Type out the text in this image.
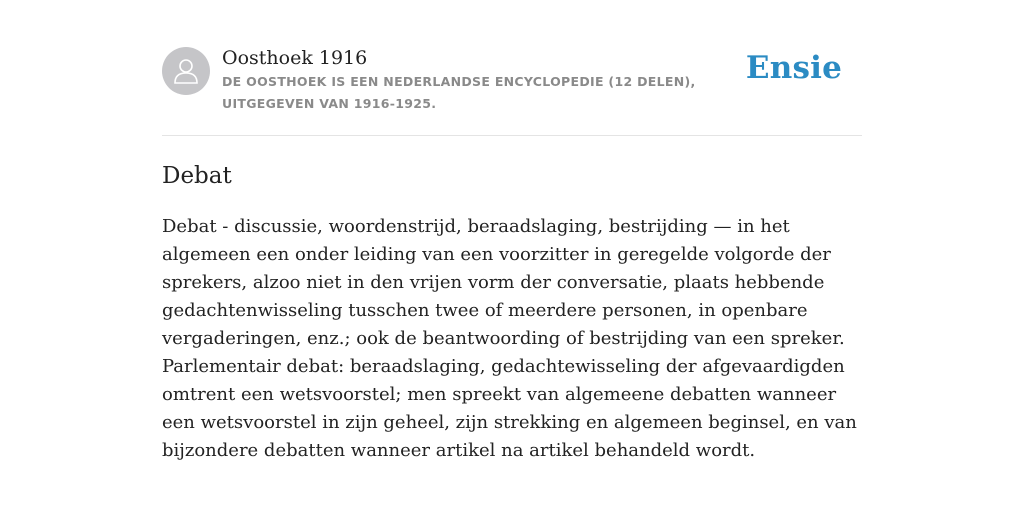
Oosthoek 1916
DE OOSTHOEK IS EEN NEDERLANDSE ENCYCLOPEDIE (12 DELEN), UITGEGEVEN VAN 1916-1925.
Ensie
Debat
Debat - discussie, woordenstrijd, beraadslaging, bestrijding — in het algemeen een onder leiding van een voorzitter in geregelde volgorde der sprekers, alzoo niet in den vrijen vorm der conversatie, plaats hebbende gedachtenwisseling tusschen twee of meerdere personen, in openbare vergaderingen, enz.; ook de beantwoording of bestrijding van een spreker. Parlementair debat: beraadslaging, gedachtewisseling der afgevaardigden omtrent een wetsvoorstel; men spreekt van algemeene debatten wanneer een wetsvoorstel in zijn geheel, zijn strekking en algemeen beginsel, en van bijzondere debatten wanneer artikel na artikel behandeld wordt.
